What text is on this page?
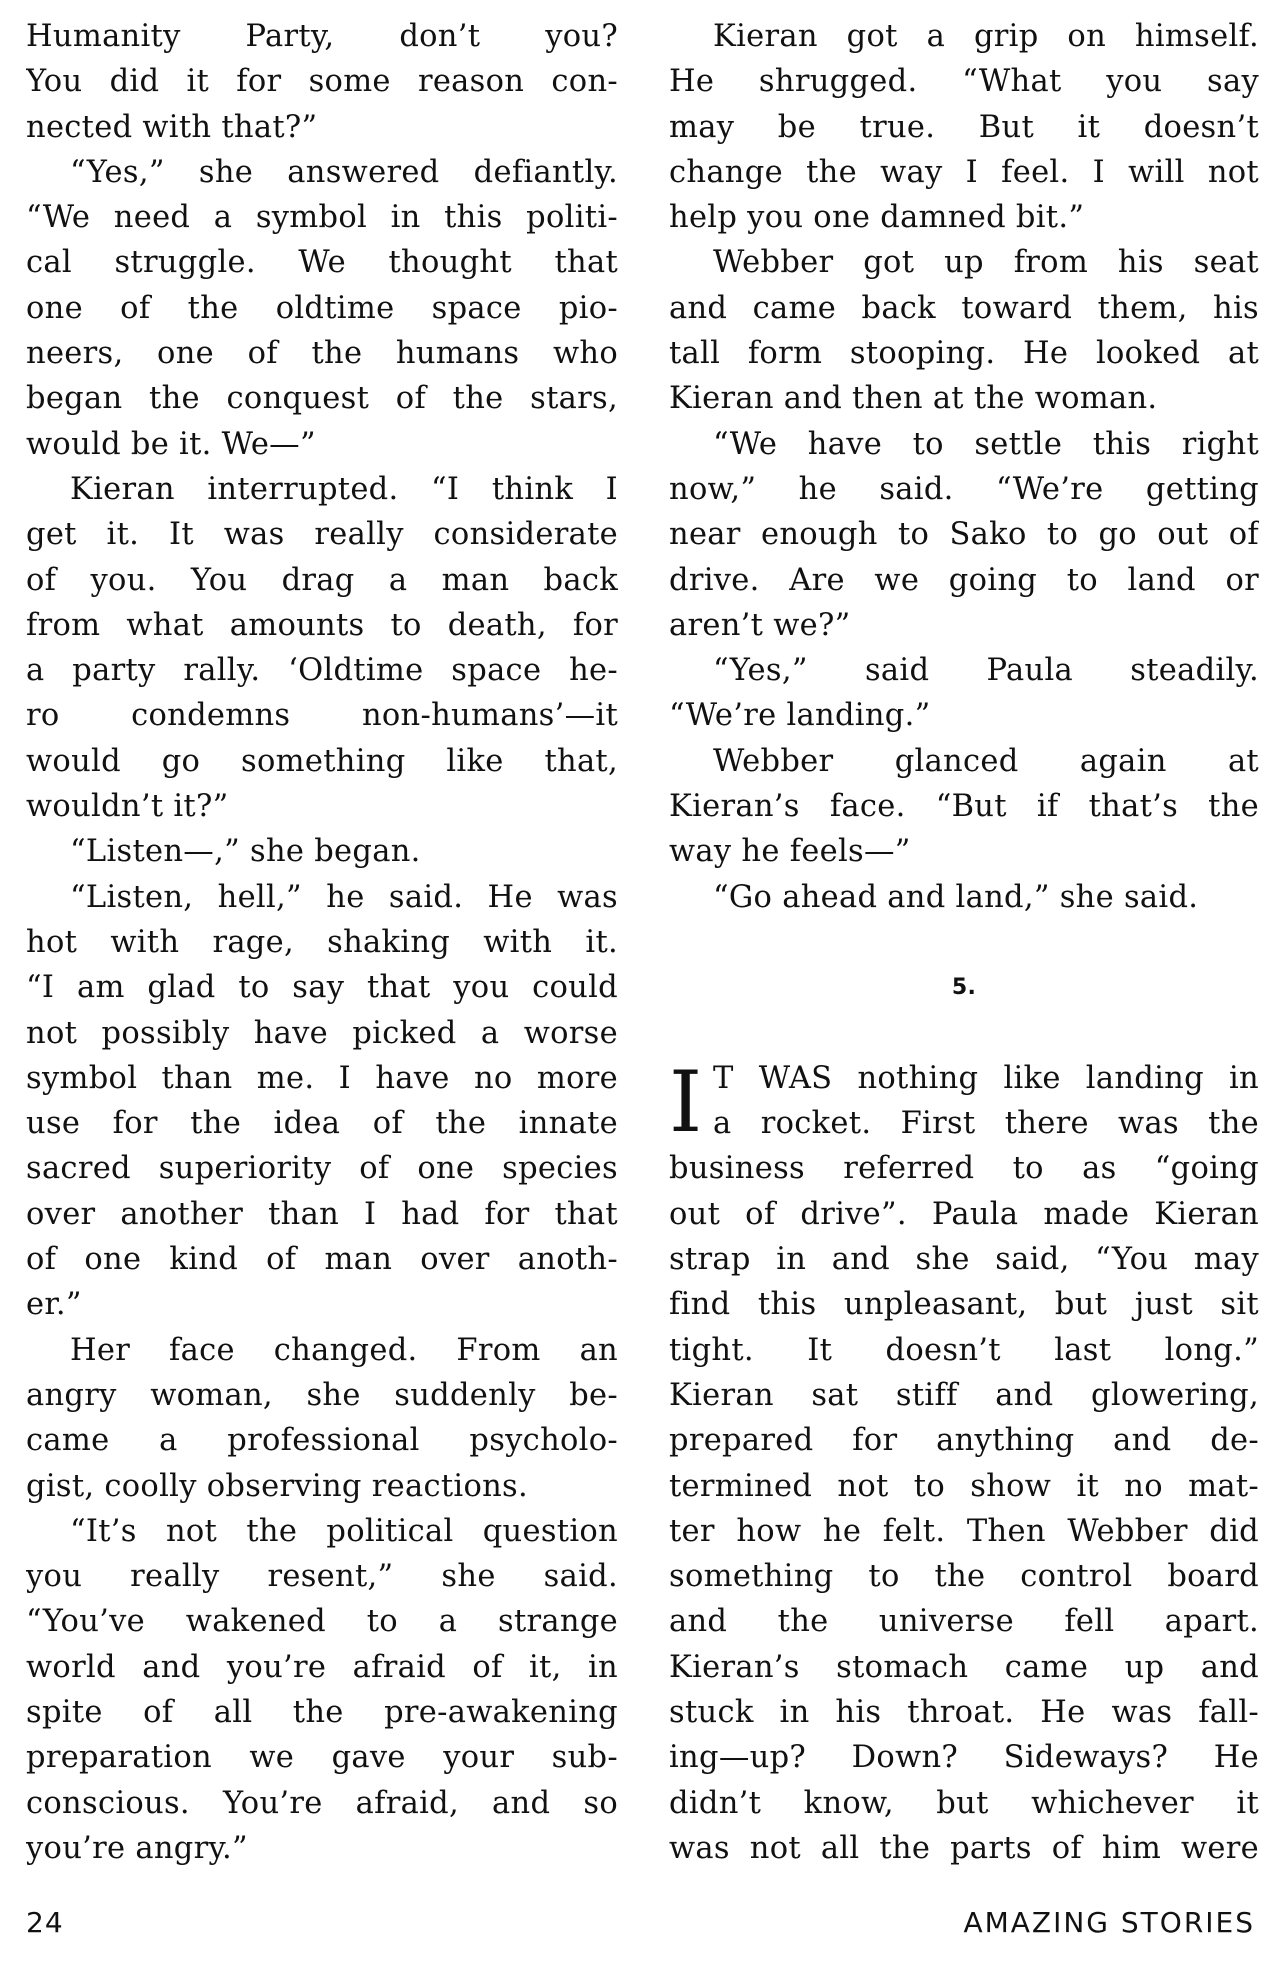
Humanity Party, don’t you?
You did it for some reason con-
nected with that?”
“Yes,” she answered defiantly.
“We need a symbol in this politi-
cal struggle. We thought that
one of the oldtime space pio-
neers, one of the humans who
began the conquest of the stars,
would be it. We—”
Kieran interrupted. “I think I
get it. It was really considerate
of you. You drag a man back
from what amounts to death, for
a party rally. ‘Oldtime space he-
ro condemns non-humans’—it
would go something like that,
wouldn’t it?”
“Listen—,” she began.
“Listen, hell,” he said. He was
hot with rage, shaking with it.
“I am glad to say that you could
not possibly have picked a worse
symbol than me. I have no more
use for the idea of the innate
sacred superiority of one species
over another than I had for that
of one kind of man over anoth-
er.”
Her face changed. From an
angry woman, she suddenly be-
came a professional psycholo-
gist, coolly observing reactions.
“It’s not the political question
you really resent,” she said.
“You’ve wakened to a strange
world and you’re afraid of it, in
spite of all the pre-awakening
preparation we gave your sub-
conscious. You’re afraid, and so
you’re angry.”
Kieran got a grip on himself.
He shrugged. “What you say
may be true. But it doesn’t
change the way I feel. I will not
help you one damned bit.”
Webber got up from his seat
and came back toward them, his
tall form stooping. He looked at
Kieran and then at the woman.
“We have to settle this right
now,” he said. “We’re getting
near enough to Sako to go out of
drive. Are we going to land or
aren’t we?”
“Yes,” said Paula steadily.
“We’re landing.”
Webber glanced again at
Kieran’s face. “But if that’s the
way he feels—”
“Go ahead and land,” she said.
5.
I T WAS nothing like landing in
a rocket. First there was the
business referred to as “going
out of drive”. Paula made Kieran
strap in and she said, “You may
find this unpleasant, but just sit
tight. It doesn’t last long.”
Kieran sat stiff and glowering,
prepared for anything and de-
termined not to show it no mat-
ter how he felt. Then Webber did
something to the control board
and the universe fell apart.
Kieran’s stomach came up and
stuck in his throat. He was fall-
ing—up? Down? Sideways? He
didn’t know, but whichever it
was not all the parts of him were
24	AMAZING STORIES
